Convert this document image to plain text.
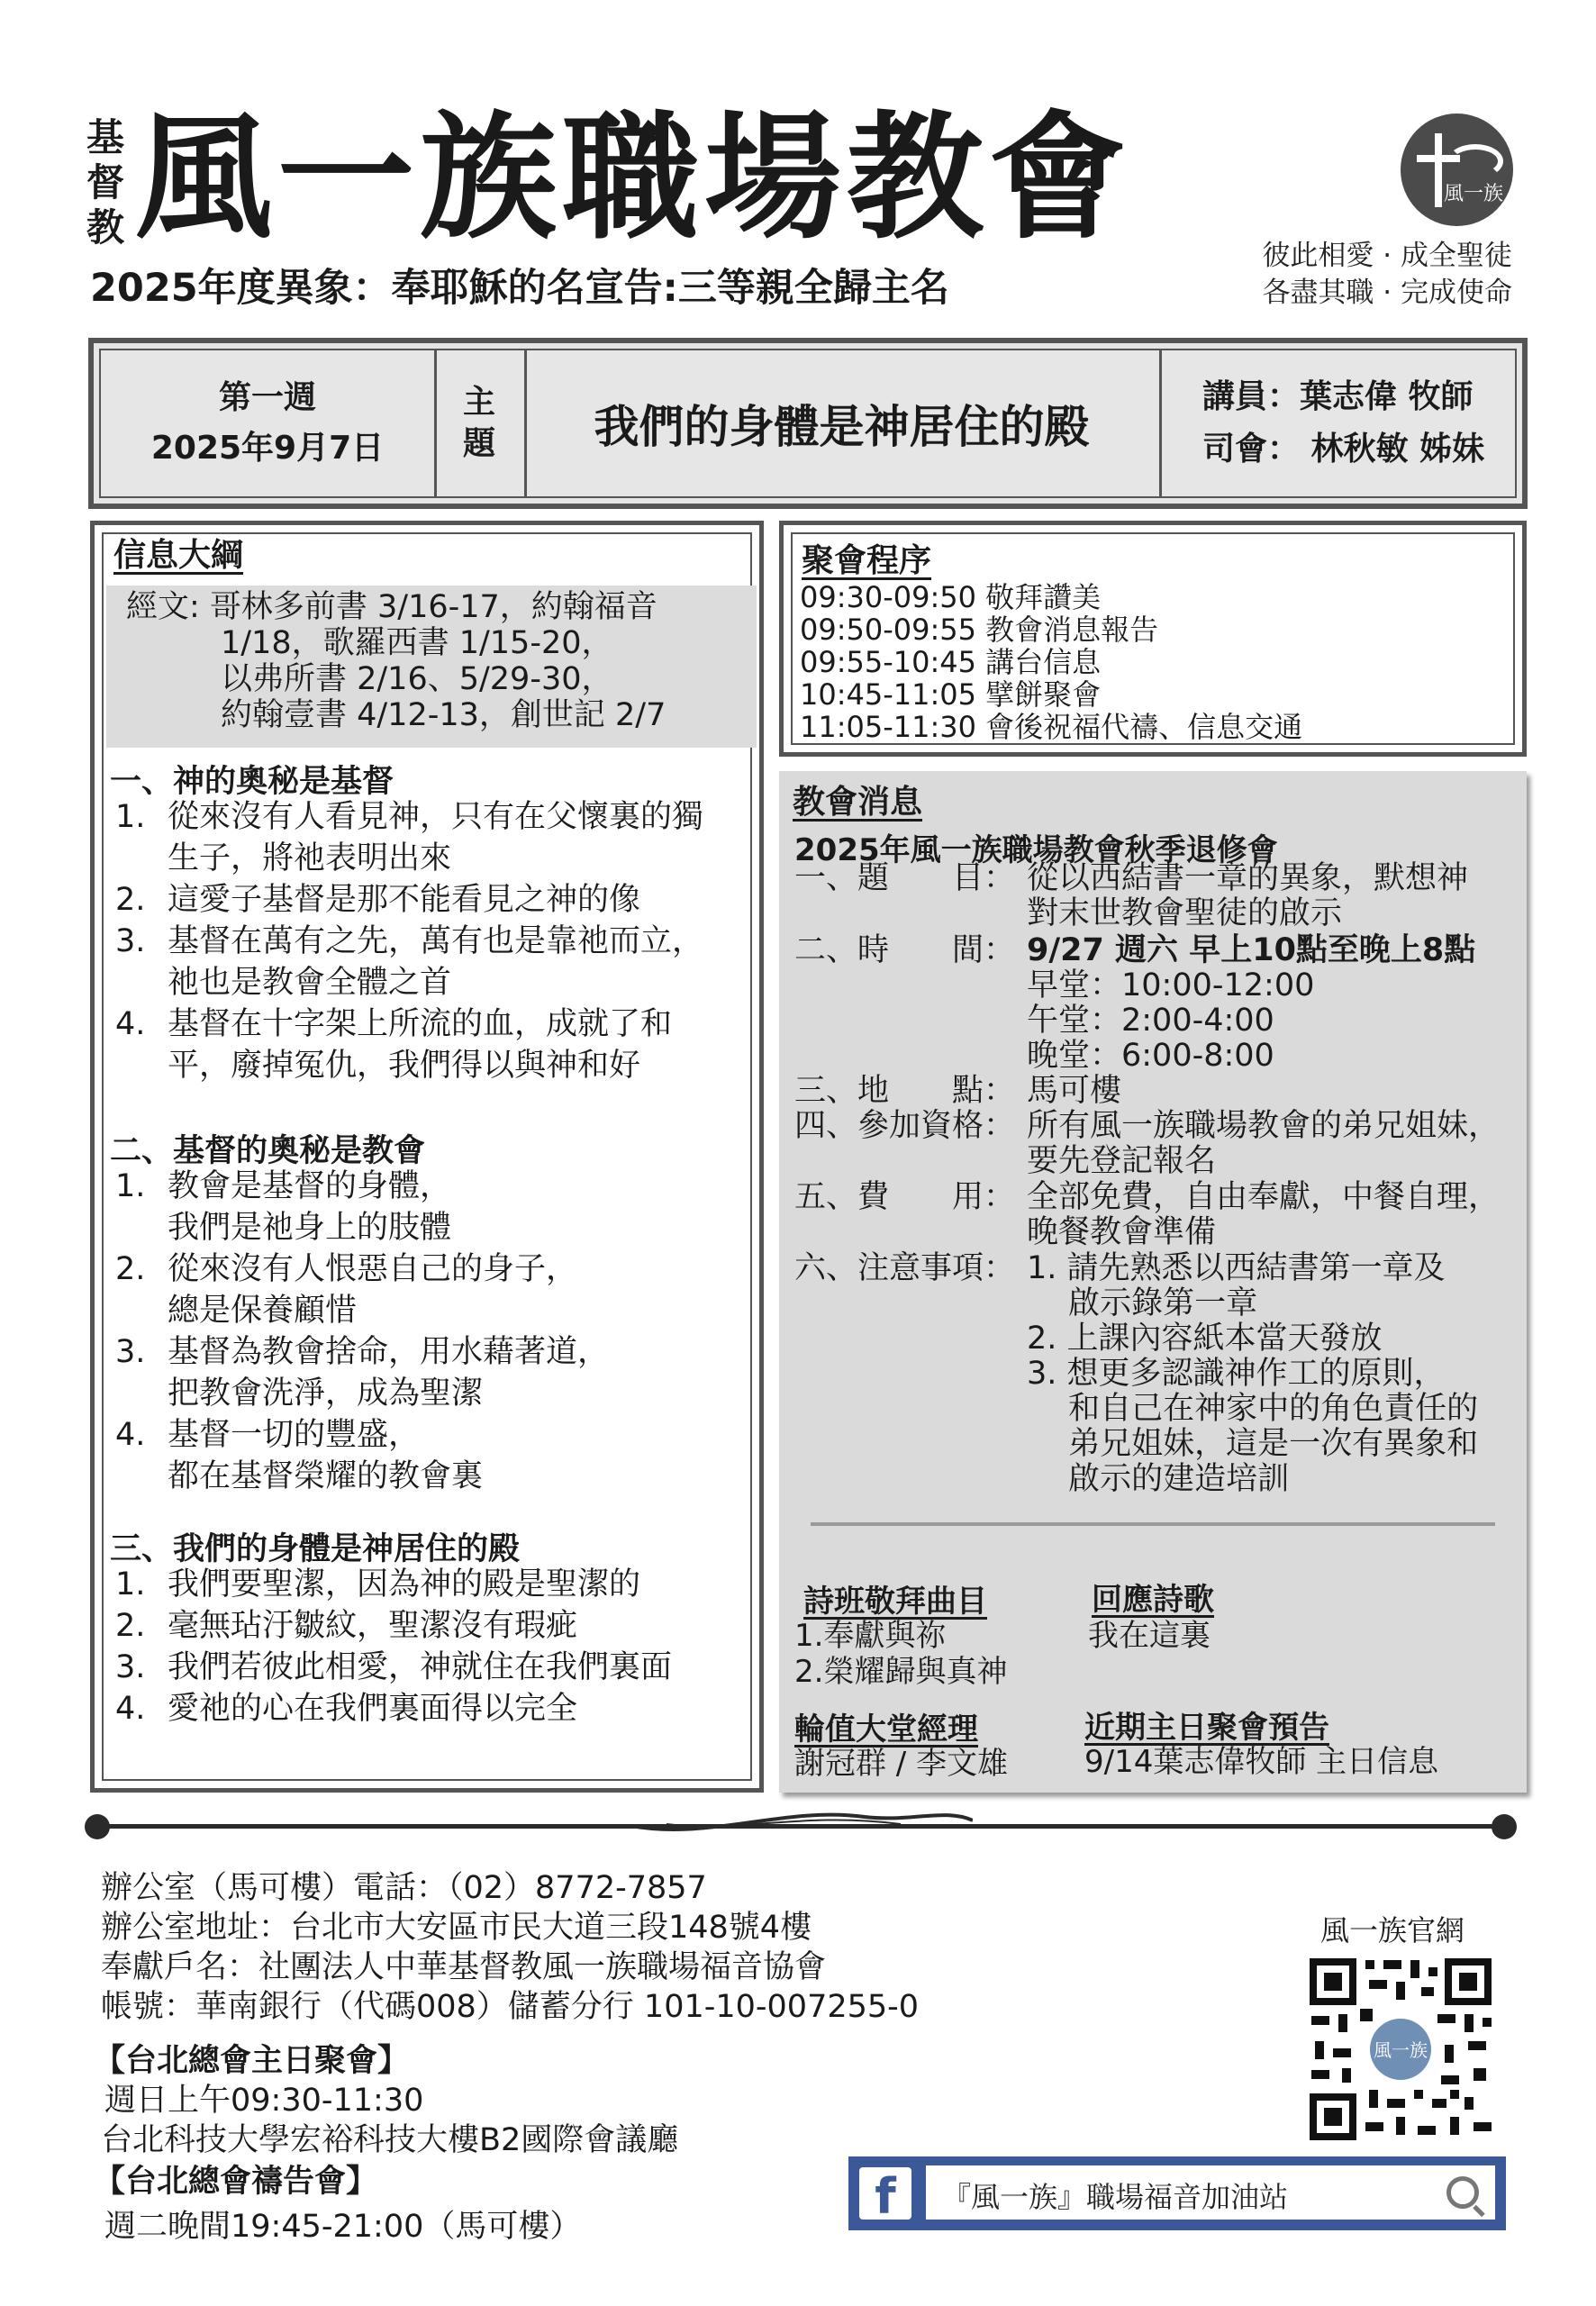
基
督
教 風一族職場教會
2025年度異象：奉耶穌的名宣告:三等親全歸主名
風一族
彼此相愛 · 成全聖徒
各盡其職 · 完成使命
第一週
2025年9月7日
主
題	我們的身體是神居住的殿
講員：葉志偉 牧師
司會： 林秋敏 姊妹
信息大綱
經文: 哥林多前書 3/16-17，約翰福音
　　　1/18，歌羅西書 1/15-20，
　　　以弗所書 2/16、5/29-30，
　　　約翰壹書 4/12-13，創世記 2/7
一、神的奧秘是基督
1. 從來沒有人看見神，只有在父懷裏的獨
生子，將祂表明出來
2. 這愛子基督是那不能看見之神的像
3. 基督在萬有之先，萬有也是靠祂而立，
祂也是教會全體之首
4. 基督在十字架上所流的血，成就了和
平，廢掉冤仇，我們得以與神和好
二、基督的奧秘是教會
1. 教會是基督的身體，
我們是祂身上的肢體
2. 從來沒有人恨惡自己的身子，
總是保養顧惜
3. 基督為教會捨命，用水藉著道，
把教會洗淨，成為聖潔
4. 基督一切的豐盛，
都在基督榮耀的教會裏
三、我們的身體是神居住的殿
1. 我們要聖潔，因為神的殿是聖潔的
2. 毫無玷汙皺紋，聖潔沒有瑕疵
3. 我們若彼此相愛，神就住在我們裏面
4. 愛祂的心在我們裏面得以完全
聚會程序
09:30-09:50 敬拜讚美
09:50-09:55 教會消息報告
09:55-10:45 講台信息
10:45-11:05 擘餅聚會
11:05-11:30 會後祝福代禱、信息交通
教會消息
2025年風一族職場教會秋季退修會
一、題　　目： 從以西結書一章的異象，默想神
對末世教會聖徒的啟示
二、時　　間： 9/27 週六 早上10點至晚上8點
早堂：10:00-12:00
午堂：2:00-4:00
晚堂：6:00-8:00
三、地　　點： 馬可樓
四、參加資格： 所有風一族職場教會的弟兄姐妹，
要先登記報名
五、費　　用： 全部免費，自由奉獻，中餐自理，
晚餐教會準備
六、注意事項： 1. 請先熟悉以西結書第一章及
　 啟示錄第一章
2. 上課內容紙本當天發放
3. 想更多認識神作工的原則，
　 和自己在神家中的角色責任的
　 弟兄姐妹，這是一次有異象和
　 啟示的建造培訓
詩班敬拜曲目
1.奉獻與祢
2.榮耀歸與真神
回應詩歌
我在這裏
輪值大堂經理
謝冠群 / 李文雄
近期主日聚會預告
9/14葉志偉牧師 主日信息
辦公室（馬可樓）電話：（02）8772-7857
辦公室地址：台北市大安區市民大道三段148號4樓
奉獻戶名：社團法人中華基督教風一族職場福音協會
帳號：華南銀行（代碼008）儲蓄分行 101-10-007255-0
【台北總會主日聚會】
週日上午09:30-11:30
台北科技大學宏裕科技大樓B2國際會議廳
【台北總會禱告會】
週二晚間19:45-21:00（馬可樓）
風一族官網
風一族
f	『風一族』職場福音加油站
